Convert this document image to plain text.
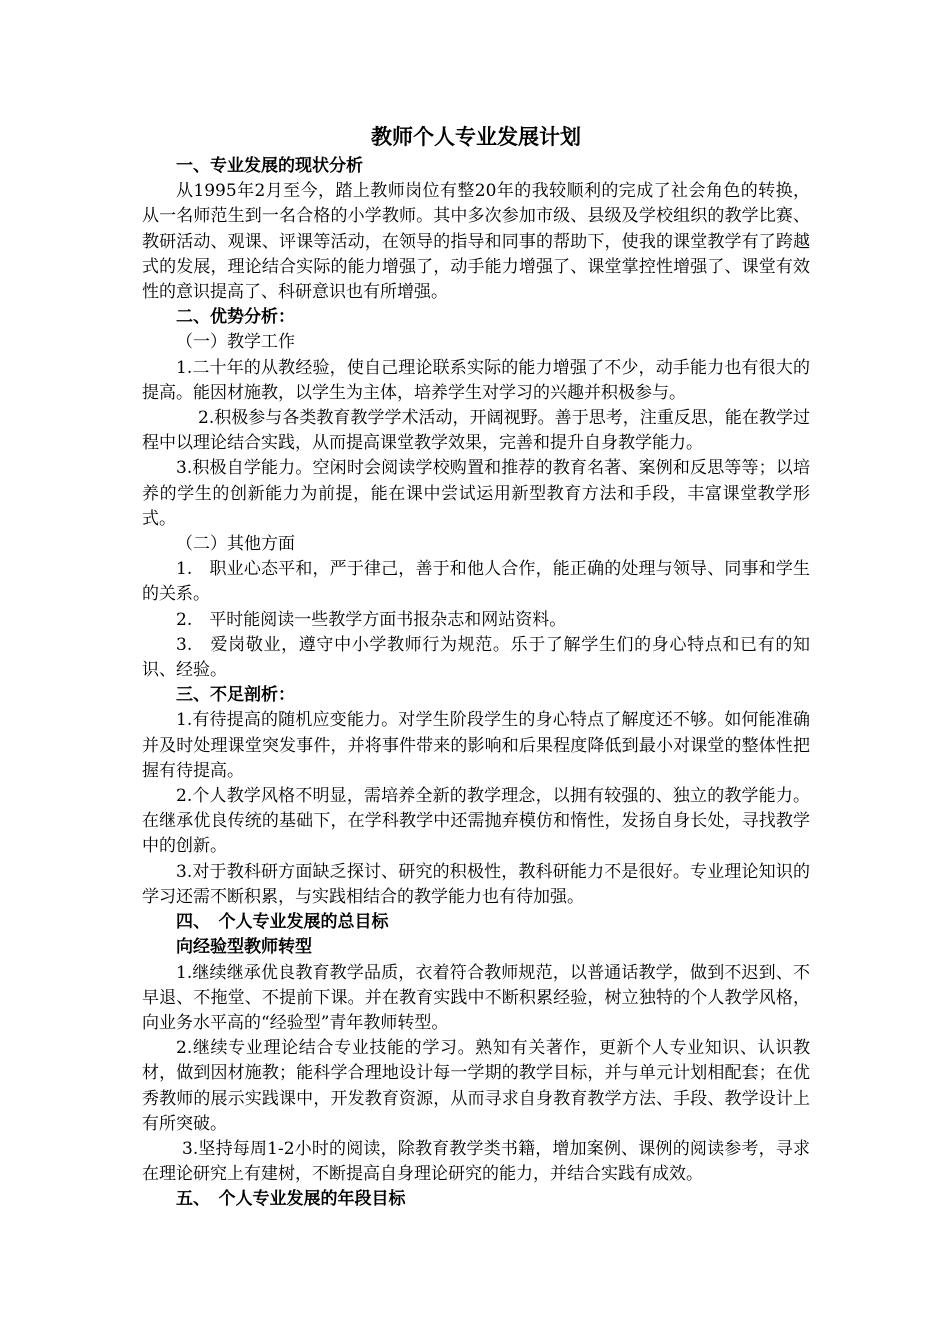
教师个人专业发展计划

一、专业发展的现状分析

从1995年2月至今，踏上教师岗位有整20年的我较顺利的完成了社会角色的转换，从一名师范生到一名合格的小学教师。其中多次参加市级、县级及学校组织的教学比赛、教研活动、观课、评课等活动，在领导的指导和同事的帮助下，使我的课堂教学有了跨越式的发展，理论结合实际的能力增强了，动手能力增强了、课堂掌控性增强了、课堂有效性的意识提高了、科研意识也有所增强。

二、优势分析：

（一）教学工作

1.二十年的从教经验，使自己理论联系实际的能力增强了不少，动手能力也有很大的提高。能因材施教，以学生为主体，培养学生对学习的兴趣并积极参与。

2.积极参与各类教育教学学术活动，开阔视野。善于思考，注重反思，能在教学过程中以理论结合实践，从而提高课堂教学效果，完善和提升自身教学能力。

3.积极自学能力。空闲时会阅读学校购置和推荐的教育名著、案例和反思等等；以培养的学生的创新能力为前提，能在课中尝试运用新型教育方法和手段，丰富课堂教学形式。

（二）其他方面

1.　职业心态平和，严于律己，善于和他人合作，能正确的处理与领导、同事和学生的关系。

2.　平时能阅读一些教学方面书报杂志和网站资料。

3.　爱岗敬业，遵守中小学教师行为规范。乐于了解学生们的身心特点和已有的知识、经验。

三、不足剖析：

1.有待提高的随机应变能力。对学生阶段学生的身心特点了解度还不够。如何能准确并及时处理课堂突发事件，并将事件带来的影响和后果程度降低到最小对课堂的整体性把握有待提高。

2.个人教学风格不明显，需培养全新的教学理念，以拥有较强的、独立的教学能力。在继承优良传统的基础下，在学科教学中还需抛弃模仿和惰性，发扬自身长处，寻找教学中的创新。

3.对于教科研方面缺乏探讨、研究的积极性，教科研能力不是很好。专业理论知识的学习还需不断积累，与实践相结合的教学能力也有待加强。

四、　个人专业发展的总目标

向经验型教师转型

1.继续继承优良教育教学品质，衣着符合教师规范，以普通话教学，做到不迟到、不早退、不拖堂、不提前下课。并在教育实践中不断积累经验，树立独特的个人教学风格，向业务水平高的“经验型”青年教师转型。

2.继续专业理论结合专业技能的学习。熟知有关著作，更新个人专业知识、认识教材，做到因材施教；能科学合理地设计每一学期的教学目标，并与单元计划相配套；在优秀教师的展示实践课中，开发教育资源，从而寻求自身教育教学方法、手段、教学设计上有所突破。

3.坚持每周1-2小时的阅读，除教育教学类书籍，增加案例、课例的阅读参考，寻求在理论研究上有建树，不断提高自身理论研究的能力，并结合实践有成效。

五、　个人专业发展的年段目标
